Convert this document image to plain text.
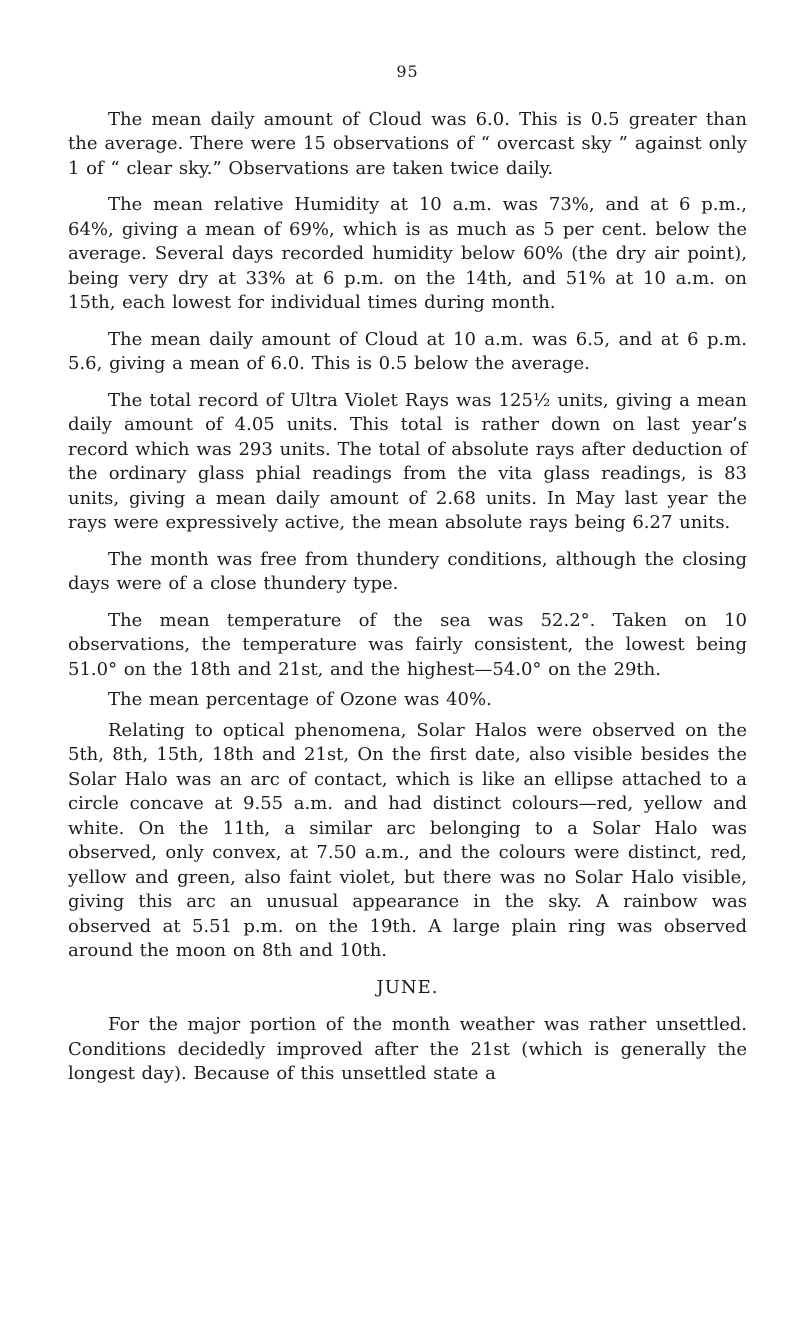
95

The mean daily amount of Cloud was 6.0. This is 0.5 greater than the average. There were 15 observations of “ overcast sky ” against only 1 of “ clear sky.” Observations are taken twice daily.

The mean relative Humidity at 10 a.m. was 73%, and at 6 p.m., 64%, giving a mean of 69%, which is as much as 5 per cent. below the average. Several days recorded humidity below 60% (the dry air point), being very dry at 33% at 6 p.m. on the 14th, and 51% at 10 a.m. on 15th, each lowest for individual times during month.

The mean daily amount of Cloud at 10 a.m. was 6.5, and at 6 p.m. 5.6, giving a mean of 6.0. This is 0.5 below the average.

The total record of Ultra Violet Rays was 125½ units, giving a mean daily amount of 4.05 units. This total is rather down on last year’s record which was 293 units. The total of absolute rays after deduction of the ordinary glass phial readings from the vita glass readings, is 83 units, giving a mean daily amount of 2.68 units. In May last year the rays were expressively active, the mean absolute rays being 6.27 units.

The month was free from thundery conditions, although the closing days were of a close thundery type.

The mean temperature of the sea was 52.2°. Taken on 10 observations, the temperature was fairly consistent, the lowest being 51.0° on the 18th and 21st, and the highest—54.0° on the 29th.

The mean percentage of Ozone was 40%.

Relating to optical phenomena, Solar Halos were observed on the 5th, 8th, 15th, 18th and 21st, On the first date, also visible besides the Solar Halo was an arc of contact, which is like an ellipse attached to a circle concave at 9.55 a.m. and had distinct colours—red, yellow and white. On the 11th, a similar arc belonging to a Solar Halo was observed, only convex, at 7.50 a.m., and the colours were distinct, red, yellow and green, also faint violet, but there was no Solar Halo visible, giving this arc an unusual appearance in the sky. A rainbow was observed at 5.51 p.m. on the 19th. A large plain ring was observed around the moon on 8th and 10th.

JUNE.

For the major portion of the month weather was rather unsettled. Conditions decidedly improved after the 21st (which is generally the longest day). Because of this unsettled state a
